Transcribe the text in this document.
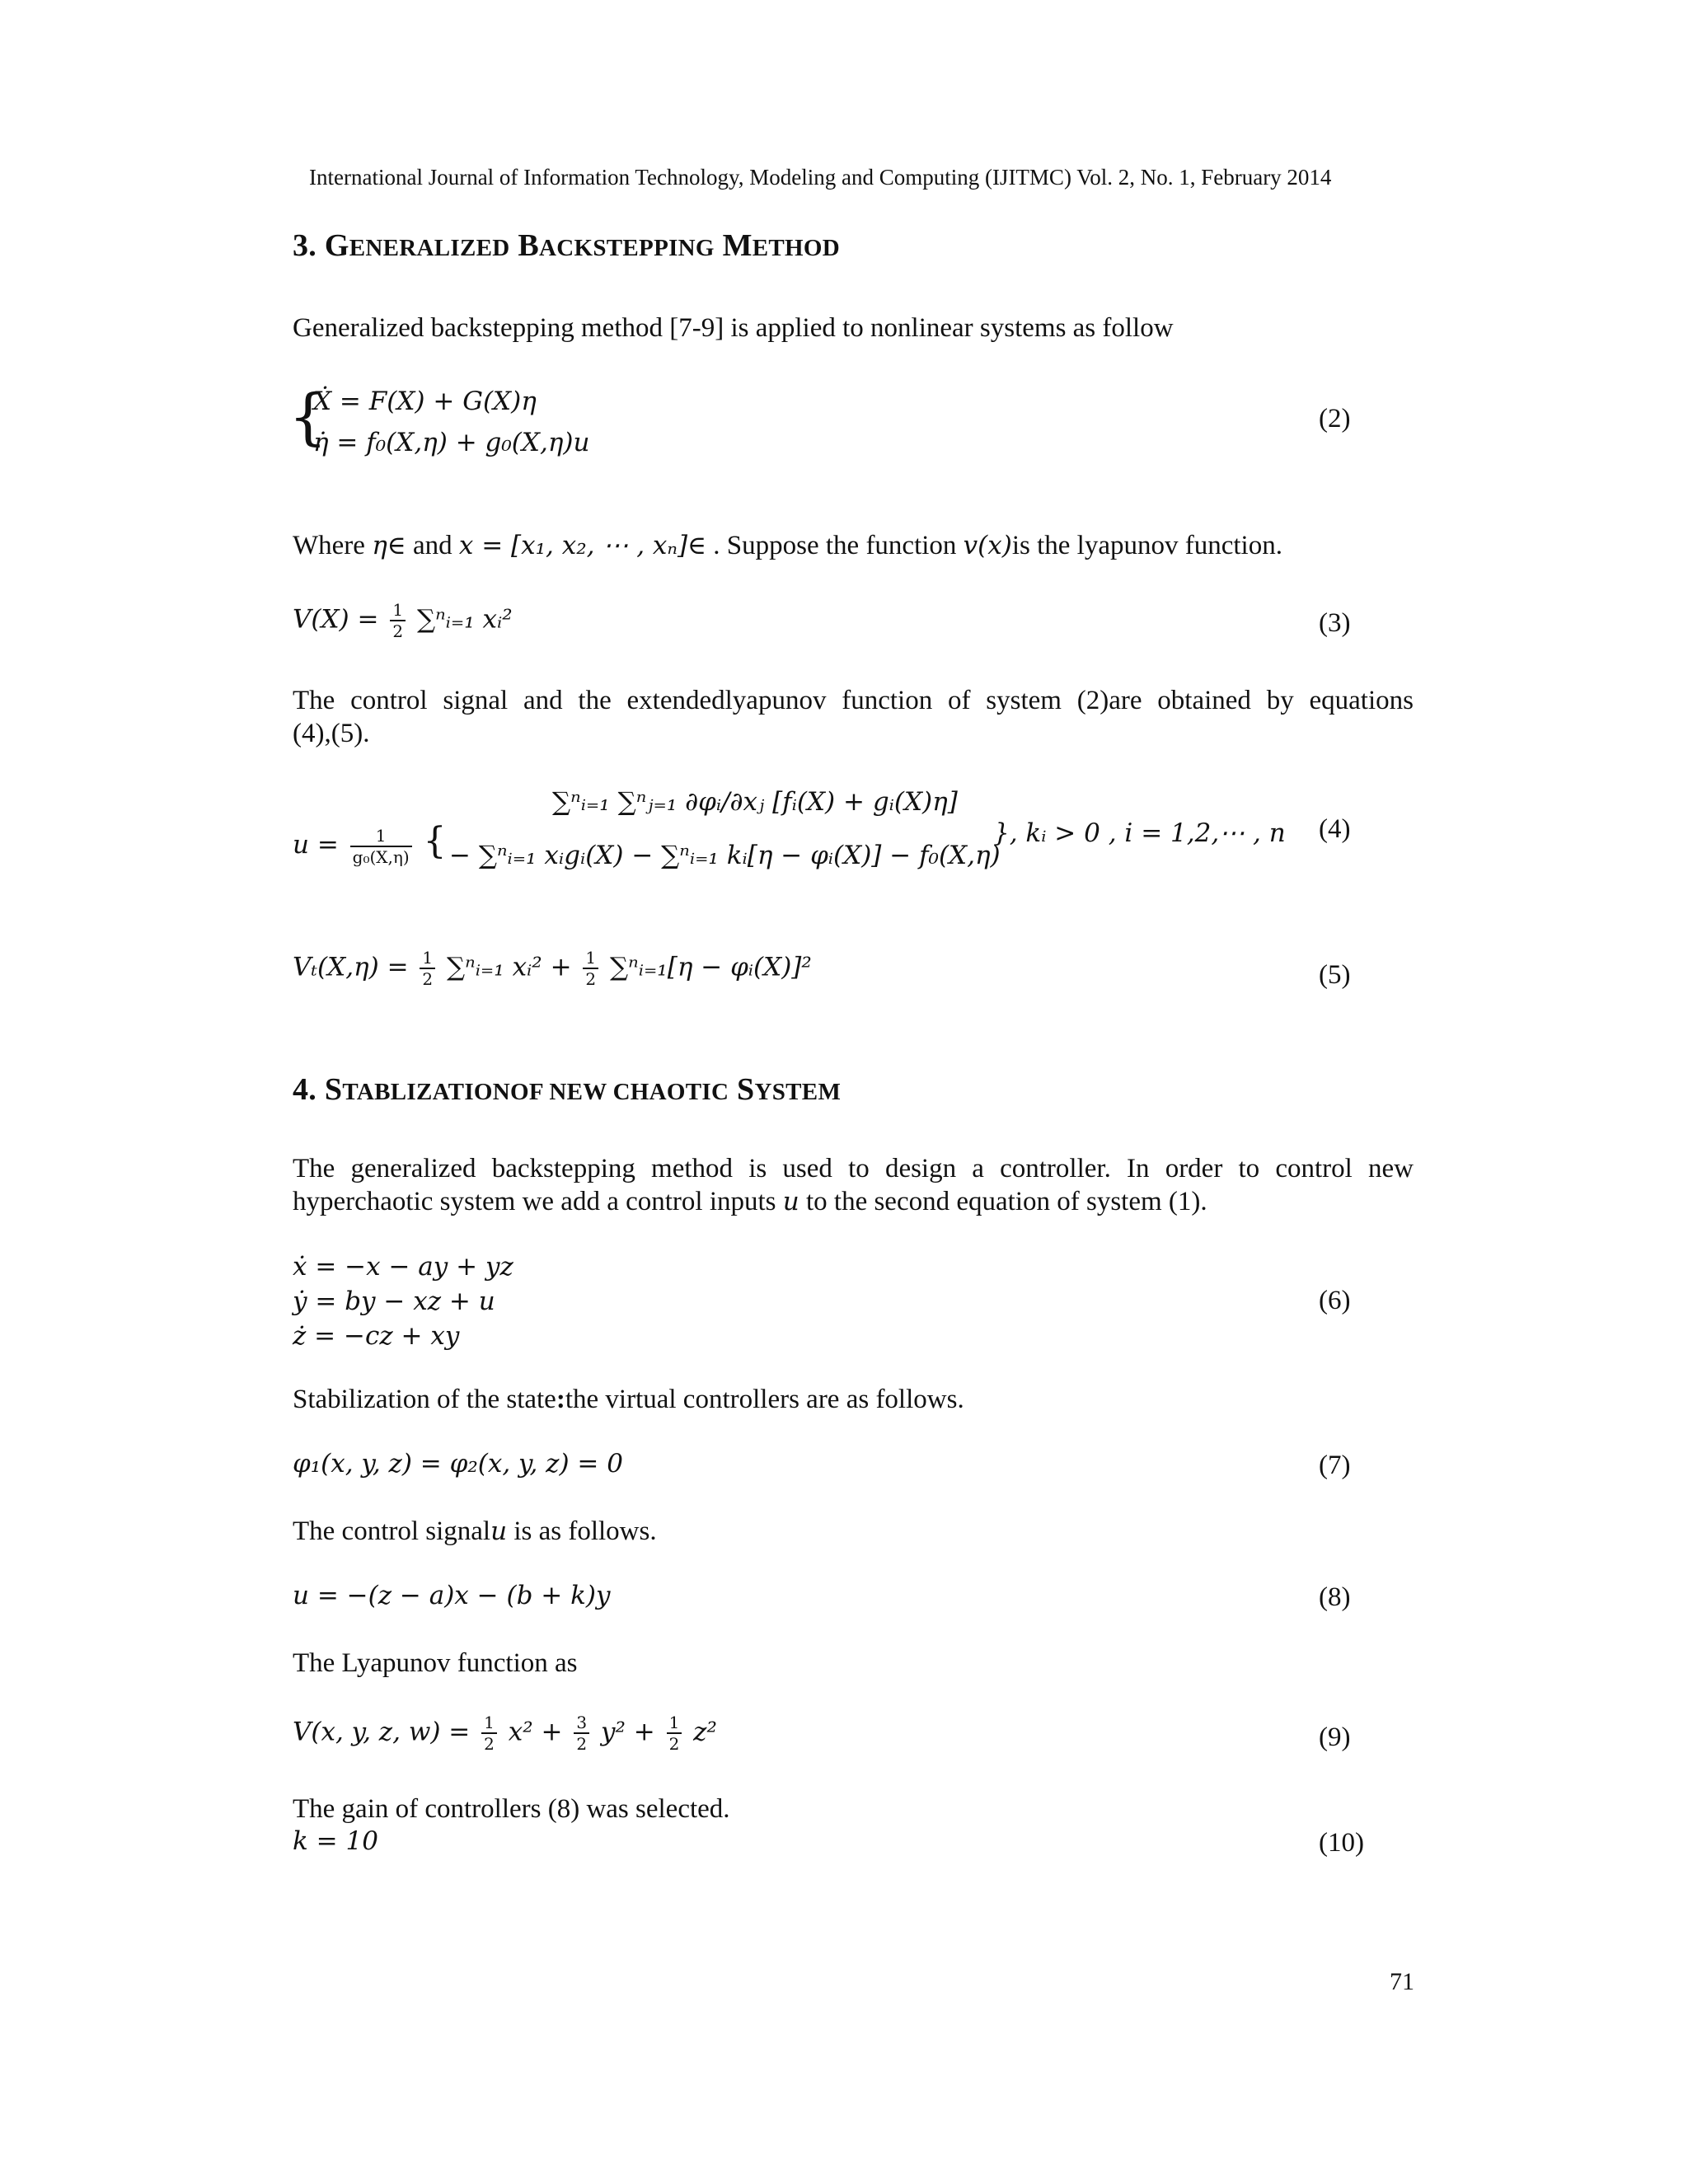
International Journal of Information Technology, Modeling and Computing (IJITMC) Vol. 2, No. 1, February 2014
3. GENERALIZED BACKSTEPPING METHOD
Generalized backstepping method [7-9] is applied to nonlinear systems as follow
{
Ẋ = F(X) + G(X)η
η̇ = f₀(X,η) + g₀(X,η)u
(2)
Where η∈ and x = [x₁, x₂, ⋯ , xₙ]∈ . Suppose the function v(x)is the lyapunov function.
$V(X) = \frac{1}{2}$ ∑ⁿᵢ₌₁ xᵢ²	(3)
The control signal and the extendedlyapunov function of system (2)are obtained by equations
(4),(5).
$u = \frac{1}{\text{g₀(X,η)}}$ {
∑ⁿᵢ₌₁ ∑ⁿⱼ₌₁ ∂φᵢ/∂xⱼ [fᵢ(X) + gᵢ(X)η]
− ∑ⁿᵢ₌₁ xᵢgᵢ(X) − ∑ⁿᵢ₌₁ kᵢ[η − φᵢ(X)] − f₀(X,η)
}, kᵢ > 0 , i = 1,2,⋯ , n (4)
$V_t(X,\eta) = \frac{1}{2}$ ∑ⁿᵢ₌₁ xᵢ² + $\frac{1}{2}$ ∑ⁿᵢ₌₁[η − φᵢ(X)]²	(5)
4. STABLIZATIONOF NEW CHAOTIC SYSTEM
The generalized backstepping method is used to design a controller. In order to control new
hyperchaotic system we add a control inputs u to the second equation of system (1).
ẋ = −x − ay + yz
ẏ = by − xz + u
ż = −cz + xy
(6)
Stabilization of the state:the virtual controllers are as follows.
φ₁(x, y, z) = φ₂(x, y, z) = 0	(7)
The control signalu is as follows.
u = −(z − a)x − (b + k)y	(8)
The Lyapunov function as
V(x, y, z, $w) = \frac{1}{2} x^2 + \frac{3}{2} y^2 + \frac{1}{2} z^2$	(9)
The gain of controllers (8) was selected.
k = 10	(10)
71
